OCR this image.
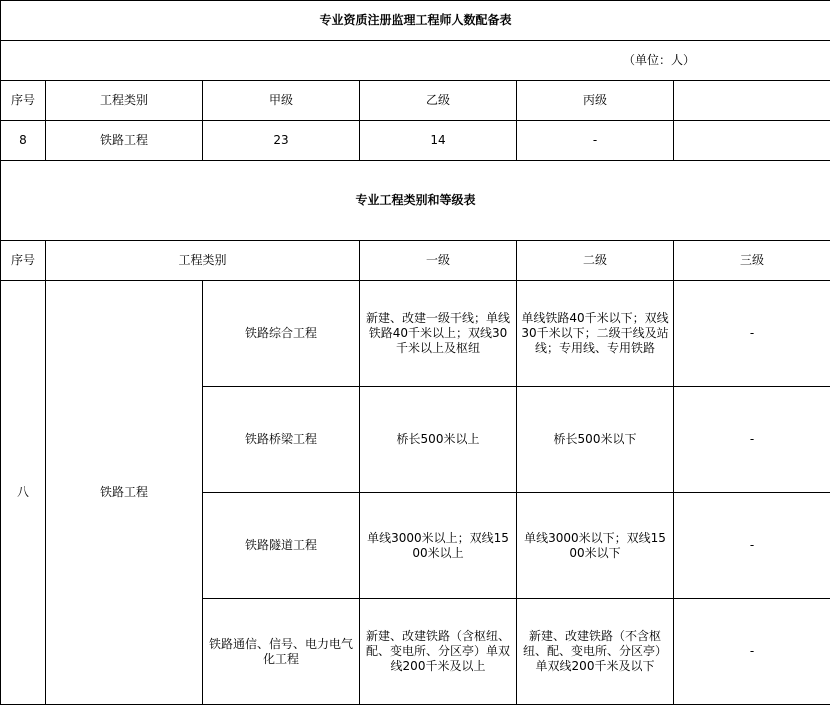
专业资质注册监理工程师人数配备表					
（单位：人）					
序号	工程类别	甲级	乙级	丙级	
8	铁路工程	23	14	-	
专业工程类别和等级表					
序号	工程类别		一级	二级	三级
八	铁路工程	铁路综合工程	新建、改建一级干线；单线铁路40千米以上；双线30千米以上及枢纽	单线铁路40千米以下；双线30千米以下；二级干线及站线；专用线、专用铁路	-
		铁路桥梁工程	桥长500米以上	桥长500米以下	-
		铁路隧道工程	单线3000米以上；双线1500米以上	单线3000米以下；双线1500米以下	-
		铁路通信、信号、电力电气化工程	新建、改建铁路（含枢纽、配、变电所、分区亭）单双线200千米及以上	新建、改建铁路（不含枢纽、配、变电所、分区亭）单双线200千米及以下	-
